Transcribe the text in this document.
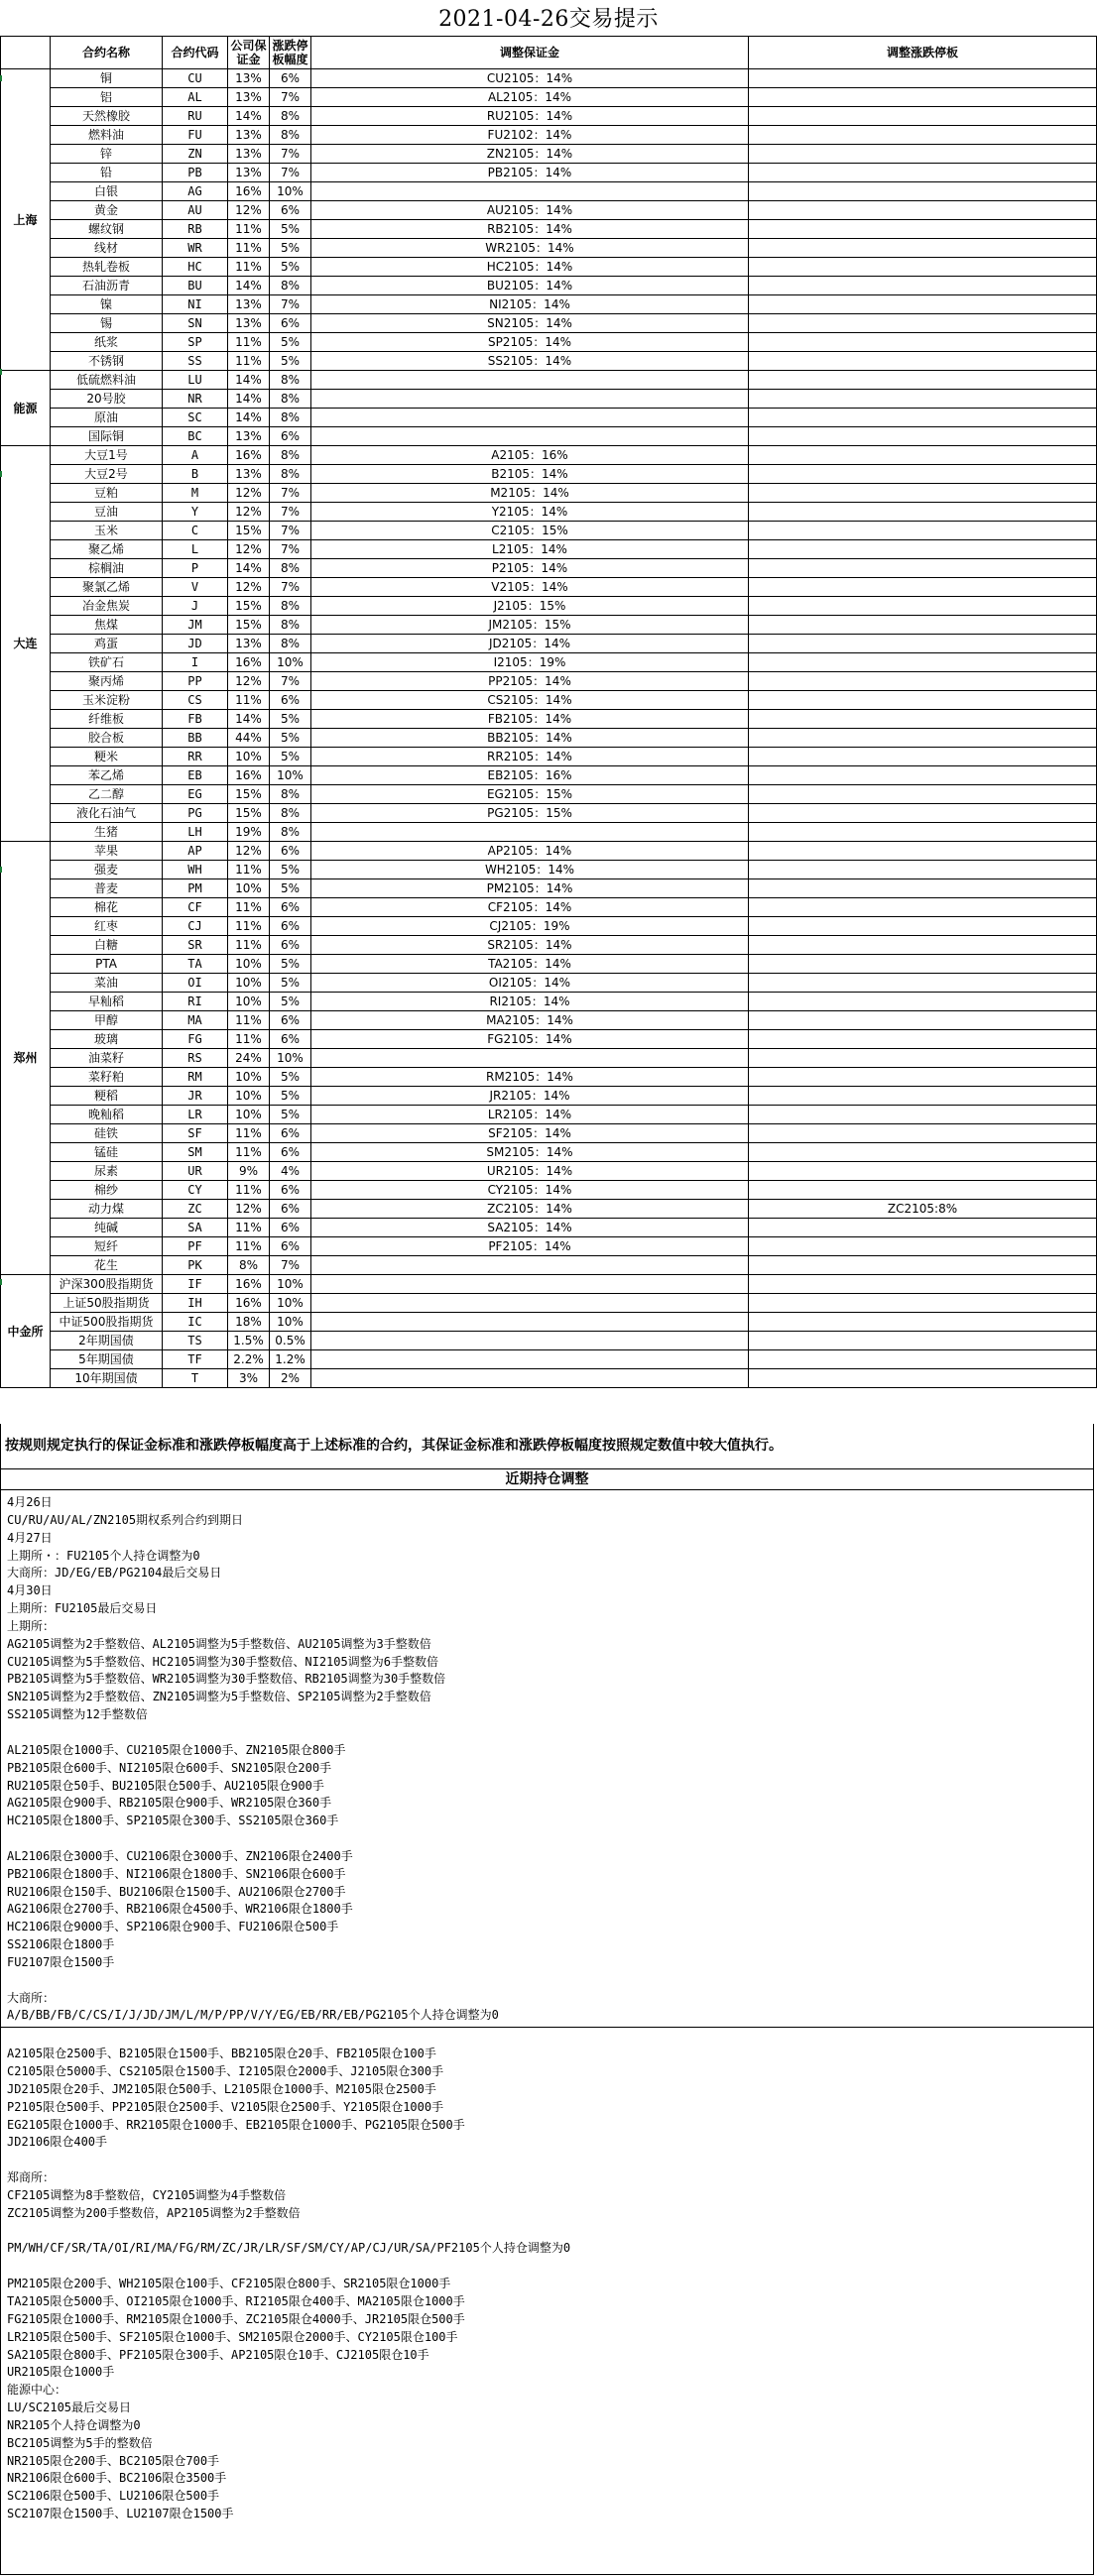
2021-04-26交易提示
	合约名称	合约代码	公司保证金	涨跌停板幅度	调整保证金	调整涨跌停板
上海	铜	CU	13%	6%	CU2105：14%	
	铝	AL	13%	7%	AL2105：14%	
	天然橡胶	RU	14%	8%	RU2105：14%	
	燃料油	FU	13%	8%	FU2102：14%	
	锌	ZN	13%	7%	ZN2105：14%	
	铅	PB	13%	7%	PB2105：14%	
	白银	AG	16%	10%		
	黄金	AU	12%	6%	AU2105：14%	
	螺纹钢	RB	11%	5%	RB2105：14%	
	线材	WR	11%	5%	WR2105：14%	
	热轧卷板	HC	11%	5%	HC2105：14%	
	石油沥青	BU	14%	8%	BU2105：14%	
	镍	NI	13%	7%	NI2105：14%	
	锡	SN	13%	6%	SN2105：14%	
	纸浆	SP	11%	5%	SP2105：14%	
	不锈钢	SS	11%	5%	SS2105：14%	
能源	低硫燃料油	LU	14%	8%		
	20号胶	NR	14%	8%		
	原油	SC	14%	8%		
	国际铜	BC	13%	6%		
大连	大豆1号	A	16%	8%	A2105：16%	
	大豆2号	B	13%	8%	B2105：14%	
	豆粕	M	12%	7%	M2105：14%	
	豆油	Y	12%	7%	Y2105：14%	
	玉米	C	15%	7%	C2105：15%	
	聚乙烯	L	12%	7%	L2105：14%	
	棕榈油	P	14%	8%	P2105：14%	
	聚氯乙烯	V	12%	7%	V2105：14%	
	冶金焦炭	J	15%	8%	J2105：15%	
	焦煤	JM	15%	8%	JM2105：15%	
	鸡蛋	JD	13%	8%	JD2105：14%	
	铁矿石	I	16%	10%	I2105：19%	
	聚丙烯	PP	12%	7%	PP2105：14%	
	玉米淀粉	CS	11%	6%	CS2105：14%	
	纤维板	FB	14%	5%	FB2105：14%	
	胶合板	BB	44%	5%	BB2105：14%	
	粳米	RR	10%	5%	RR2105：14%	
	苯乙烯	EB	16%	10%	EB2105：16%	
	乙二醇	EG	15%	8%	EG2105：15%	
	液化石油气	PG	15%	8%	PG2105：15%	
	生猪	LH	19%	8%		
郑州	苹果	AP	12%	6%	AP2105：14%	
	强麦	WH	11%	5%	WH2105：14%	
	普麦	PM	10%	5%	PM2105：14%	
	棉花	CF	11%	6%	CF2105：14%	
	红枣	CJ	11%	6%	CJ2105：19%	
	白糖	SR	11%	6%	SR2105：14%	
	PTA	TA	10%	5%	TA2105：14%	
	菜油	OI	10%	5%	OI2105：14%	
	早籼稻	RI	10%	5%	RI2105：14%	
	甲醇	MA	11%	6%	MA2105：14%	
	玻璃	FG	11%	6%	FG2105：14%	
	油菜籽	RS	24%	10%		
	菜籽粕	RM	10%	5%	RM2105：14%	
	粳稻	JR	10%	5%	JR2105：14%	
	晚籼稻	LR	10%	5%	LR2105：14%	
	硅铁	SF	11%	6%	SF2105：14%	
	锰硅	SM	11%	6%	SM2105：14%	
	尿素	UR	9%	4%	UR2105：14%	
	棉纱	CY	11%	6%	CY2105：14%	
	动力煤	ZC	12%	6%	ZC2105：14%	ZC2105:8%
	纯碱	SA	11%	6%	SA2105：14%	
	短纤	PF	11%	6%	PF2105：14%	
	花生	PK	8%	7%		
中金所	沪深300股指期货	IF	16%	10%		
	上证50股指期货	IH	16%	10%		
	中证500股指期货	IC	18%	10%		
	2年期国债	TS	1.5%	0.5%		
	5年期国债	TF	2.2%	1.2%		
	10年期国债	T	3%	2%		
按规则规定执行的保证金标准和涨跌停板幅度高于上述标准的合约，其保证金标准和涨跌停板幅度按照规定数值中较大值执行。
近期持仓调整
4月26日
CU/RU/AU/AL/ZN2105期权系列合约到期日
4月27日
上期所・：FU2105个人持仓调整为0
大商所：JD/EG/EB/PG2104最后交易日
4月30日
上期所：FU2105最后交易日
上期所：
AG2105调整为2手整数倍、AL2105调整为5手整数倍、AU2105调整为3手整数倍
CU2105调整为5手整数倍、HC2105调整为30手整数倍、NI2105调整为6手整数倍
PB2105调整为5手整数倍、WR2105调整为30手整数倍、RB2105调整为30手整数倍
SN2105调整为2手整数倍、ZN2105调整为5手整数倍、SP2105调整为2手整数倍
SS2105调整为12手整数倍
AL2105限仓1000手、CU2105限仓1000手、ZN2105限仓800手
PB2105限仓600手、NI2105限仓600手、SN2105限仓200手
RU2105限仓50手、BU2105限仓500手、AU2105限仓900手
AG2105限仓900手、RB2105限仓900手、WR2105限仓360手
HC2105限仓1800手、SP2105限仓300手、SS2105限仓360手
AL2106限仓3000手、CU2106限仓3000手、ZN2106限仓2400手
PB2106限仓1800手、NI2106限仓1800手、SN2106限仓600手
RU2106限仓150手、BU2106限仓1500手、AU2106限仓2700手
AG2106限仓2700手、RB2106限仓4500手、WR2106限仓1800手
HC2106限仓9000手、SP2106限仓900手、FU2106限仓500手
SS2106限仓1800手
FU2107限仓1500手
大商所：
A/B/BB/FB/C/CS/I/J/JD/JM/L/M/P/PP/V/Y/EG/EB/RR/EB/PG2105个人持仓调整为0
A2105限仓2500手、B2105限仓1500手、BB2105限仓20手、FB2105限仓100手
C2105限仓5000手、CS2105限仓1500手、I2105限仓2000手、J2105限仓300手
JD2105限仓20手、JM2105限仓500手、L2105限仓1000手、M2105限仓2500手
P2105限仓500手、PP2105限仓2500手、V2105限仓2500手、Y2105限仓1000手
EG2105限仓1000手、RR2105限仓1000手、EB2105限仓1000手、PG2105限仓500手
JD2106限仓400手
郑商所：
CF2105调整为8手整数倍，CY2105调整为4手整数倍
ZC2105调整为200手整数倍，AP2105调整为2手整数倍
PM/WH/CF/SR/TA/OI/RI/MA/FG/RM/ZC/JR/LR/SF/SM/CY/AP/CJ/UR/SA/PF2105个人持仓调整为0
PM2105限仓200手、WH2105限仓100手、CF2105限仓800手、SR2105限仓1000手
TA2105限仓5000手、OI2105限仓1000手、RI2105限仓400手、MA2105限仓1000手
FG2105限仓1000手、RM2105限仓1000手、ZC2105限仓4000手、JR2105限仓500手
LR2105限仓500手、SF2105限仓1000手、SM2105限仓2000手、CY2105限仓100手
SA2105限仓800手、PF2105限仓300手、AP2105限仓10手、CJ2105限仓10手
UR2105限仓1000手
能源中心：
LU/SC2105最后交易日
NR2105个人持仓调整为0
BC2105调整为5手的整数倍
NR2105限仓200手、BC2105限仓700手
NR2106限仓600手、BC2106限仓3500手
SC2106限仓500手、LU2106限仓500手
SC2107限仓1500手、LU2107限仓1500手
